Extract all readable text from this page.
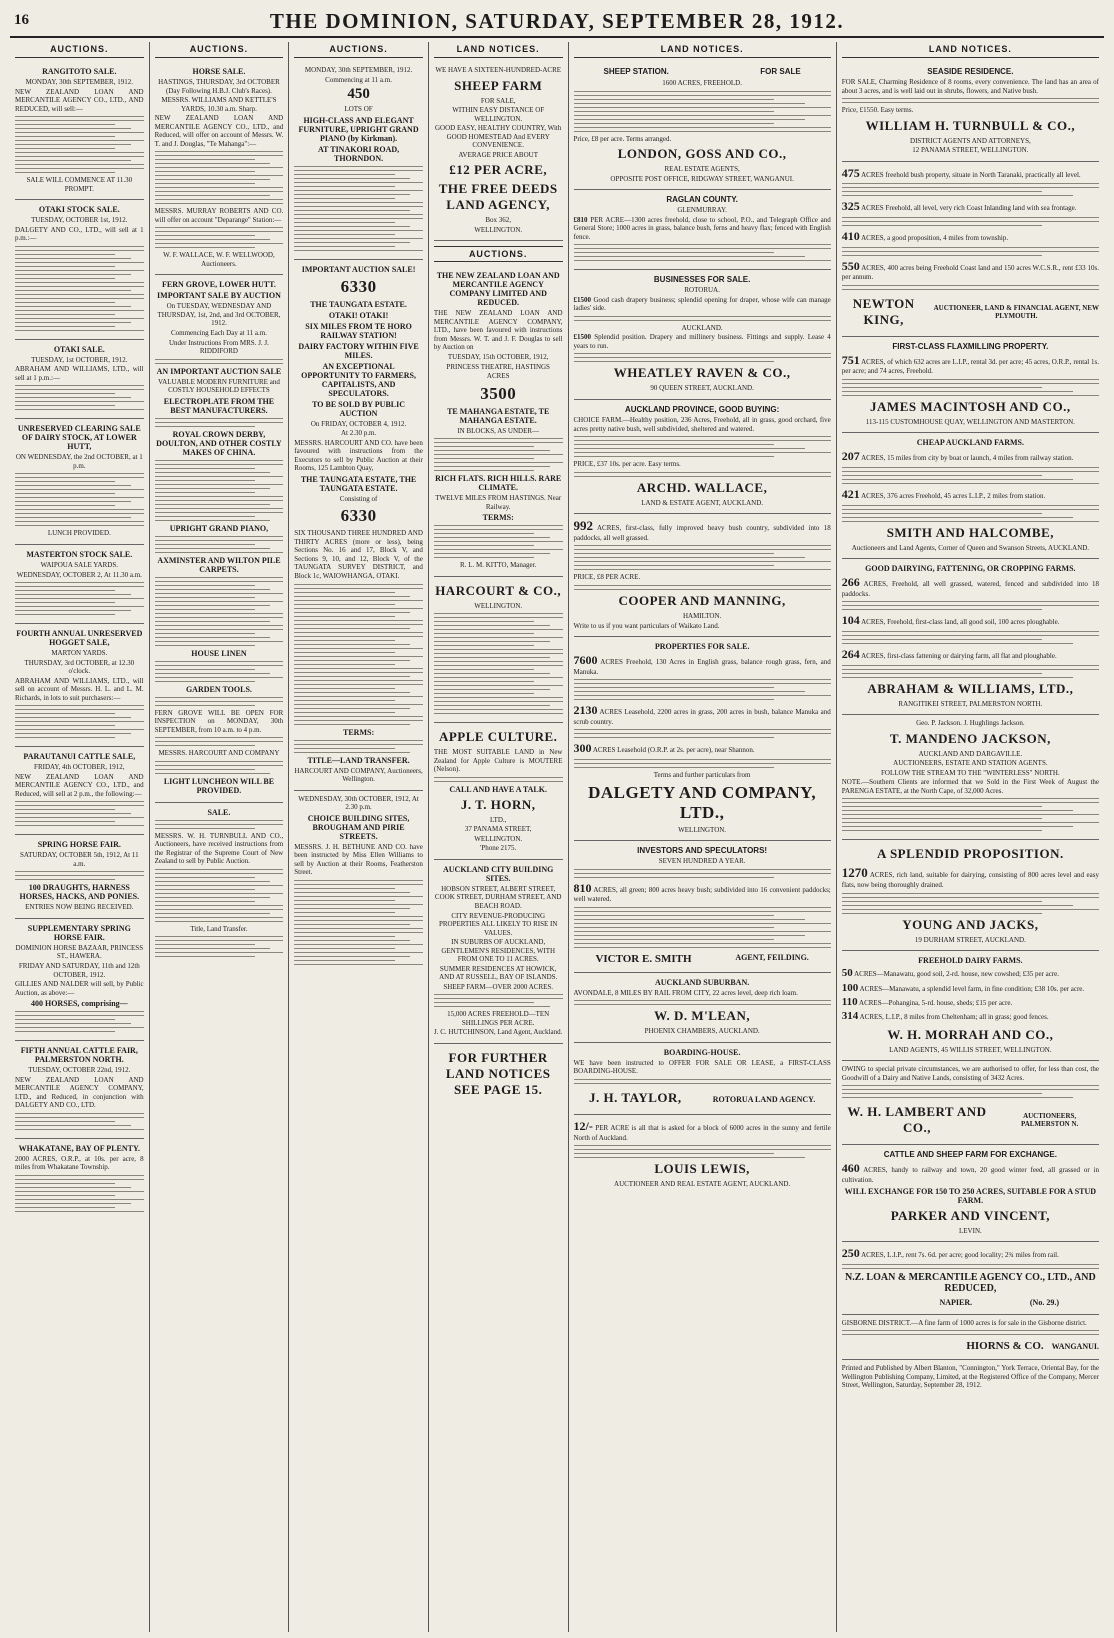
16	THE DOMINION, SATURDAY, SEPTEMBER 28, 1912.
AUCTIONS.
RANGITOTO SALE.

MONDAY, 30th SEPTEMBER, 1912.

NEW ZEALAND LOAN AND MERCANTILE AGENCY CO., LTD., AND REDUCED, will sell:—

SALE WILL COMMENCE AT 11.30 PROMPT.

OTAKI STOCK SALE.

TUESDAY, OCTOBER 1st, 1912.

DALGETY AND CO., LTD., will sell at 1 p.m.:—

OTAKI SALE.

TUESDAY, 1st OCTOBER, 1912.

ABRAHAM AND WILLIAMS, LTD., will sell at 1 p.m.:—

UNRESERVED CLEARING SALE OF DAIRY STOCK, AT LOWER HUTT,

ON WEDNESDAY, the 2nd OCTOBER, at 1 p.m.

LUNCH PROVIDED.

MASTERTON STOCK SALE.

WAIPOUA SALE YARDS.

WEDNESDAY, OCTOBER 2, At 11.30 a.m.

FOURTH ANNUAL UNRESERVED HOGGET SALE,

MARTON YARDS.

THURSDAY, 3rd OCTOBER, at 12.30 o'clock.

ABRAHAM AND WILLIAMS, LTD., will sell on account of Messrs. H. L. and L. M. Richards, in lots to suit purchasers:—

PARAUTANUI CATTLE SALE,

FRIDAY, 4th OCTOBER, 1912,

NEW ZEALAND LOAN AND MERCANTILE AGENCY CO., LTD., and Reduced, will sell at 2 p.m., the following:—

SPRING HORSE FAIR.

SATURDAY, OCTOBER 5th, 1912, At 11 a.m.

100 DRAUGHTS, HARNESS HORSES, HACKS, AND PONIES.

ENTRIES NOW BEING RECEIVED.

SUPPLEMENTARY SPRING HORSE FAIR.

DOMINION HORSE BAZAAR, PRINCESS ST., HAWERA.

FRIDAY AND SATURDAY, 11th and 12th OCTOBER, 1912.

GILLIES AND NALDER will sell, by Public Auction, as above:—

400 HORSES, comprising—
FIFTH ANNUAL CATTLE FAIR, PALMERSTON NORTH.

TUESDAY, OCTOBER 22nd, 1912.

NEW ZEALAND LOAN AND MERCANTILE AGENCY COMPANY, LTD., and Reduced, in conjunction with DALGETY AND CO., LTD.

WHAKATANE, BAY OF PLENTY.

2000 ACRES, O.R.P., at 10s. per acre, 8 miles from Whakatane Township.

AUCTIONS.
HORSE SALE.

HASTINGS, THURSDAY, 3rd OCTOBER (Day Following H.B.J. Club's Races).

MESSRS. WILLIAMS AND KETTLE'S YARDS, 10.30 a.m. Sharp.

NEW ZEALAND LOAN AND MERCANTILE AGENCY CO., LTD., and Reduced, will offer on account of Messrs. W. T. and J. Douglas, "Te Mahanga":—

MESSRS. MURRAY ROBERTS AND CO. will offer on account "Deparange" Station:—

W. F. WALLACE, W. F. WELLWOOD, Auctioneers.

FERN GROVE, LOWER HUTT.
IMPORTANT SALE BY AUCTION

On TUESDAY, WEDNESDAY AND THURSDAY, 1st, 2nd, and 3rd OCTOBER, 1912.

Commencing Each Day at 11 a.m.

Under Instructions From MRS. J. J. RIDDIFORD

AN IMPORTANT AUCTION SALE

VALUABLE MODERN FURNITURE and COSTLY HOUSEHOLD EFFECTS

ELECTROPLATE FROM THE BEST MANUFACTURERS.
ROYAL CROWN DERBY, DOULTON, AND OTHER COSTLY MAKES OF CHINA.
UPRIGHT GRAND PIANO,
AXMINSTER AND WILTON PILE CARPETS.
HOUSE LINEN
GARDEN TOOLS.

FERN GROVE WILL BE OPEN FOR INSPECTION on MONDAY, 30th SEPTEMBER, from 10 a.m. to 4 p.m.

MESSRS. HARCOURT AND COMPANY

LIGHT LUNCHEON WILL BE PROVIDED.
SALE.

MESSRS. W. H. TURNBULL AND CO., Auctioneers, have received instructions from the Registrar of the Supreme Court of New Zealand to sell by Public Auction.

Title, Land Transfer.

AUCTIONS.

MONDAY, 30th SEPTEMBER, 1912.

Commencing at 11 a.m.

450

LOTS OF

HIGH-CLASS AND ELEGANT FURNITURE, UPRIGHT GRAND PIANO (by Kirkman).
AT TINAKORI ROAD, THORNDON.
IMPORTANT AUCTION SALE!
6330
THE TAUNGATA ESTATE.
OTAKI! OTAKI!
SIX MILES FROM TE HORO RAILWAY STATION!
DAIRY FACTORY WITHIN FIVE MILES.
AN EXCEPTIONAL OPPORTUNITY TO FARMERS, CAPITALISTS, AND SPECULATORS.
TO BE SOLD BY PUBLIC AUCTION

On FRIDAY, OCTOBER 4, 1912.

At 2.30 p.m.

MESSRS. HARCOURT AND CO. have been favoured with instructions from the Executors to sell by Public Auction at their Rooms, 125 Lambton Quay,

THE TAUNGATA ESTATE, THE TAUNGATA ESTATE.

Consisting of

6330

SIX THOUSAND THREE HUNDRED AND THIRTY ACRES (more or less), being Sections No. 16 and 17, Block V, and Sections 9, 10, and 12, Block V, of the TAUNGATA SURVEY DISTRICT, and Block 1c, WAIOWHANGA, OTAKI.

TERMS:
TITLE—LAND TRANSFER.

HARCOURT AND COMPANY, Auctioneers, Wellington.

WEDNESDAY, 30th OCTOBER, 1912, At 2.30 p.m.

CHOICE BUILDING SITES, BROUGHAM AND PIRIE STREETS.

MESSRS. J. H. BETHUNE AND CO. have been instructed by Miss Ellen Williams to sell by Auction at their Rooms, Featherston Street.

LAND NOTICES.

WE HAVE A SIXTEEN-HUNDRED-ACRE

SHEEP FARM

FOR SALE,

WITHIN EASY DISTANCE OF WELLINGTON.

GOOD EASY, HEALTHY COUNTRY, With GOOD HOMESTEAD And EVERY CONVENIENCE.

AVERAGE PRICE ABOUT

£12 PER ACRE,
THE FREE DEEDS LAND AGENCY,

Box 362,

WELLINGTON.

AUCTIONS.
THE NEW ZEALAND LOAN AND MERCANTILE AGENCY COMPANY LIMITED AND REDUCED.

THE NEW ZEALAND LOAN AND MERCANTILE AGENCY COMPANY, LTD., have been favoured with instructions from Messrs. W. T. and J. F. Douglas to sell by Auction on

TUESDAY, 15th OCTOBER, 1912,

PRINCESS THEATRE, HASTINGS

ACRES

3500
TE MAHANGA ESTATE, TE MAHANGA ESTATE.

IN BLOCKS, AS UNDER—

RICH FLATS. RICH HILLS. RARE CLIMATE.

TWELVE MILES FROM HASTINGS. Near Railway.

TERMS:

R. L. M. KITTO, Manager.

HARCOURT & CO.,

WELLINGTON.

APPLE CULTURE.

THE MOST SUITABLE LAND in New Zealand for Apple Culture is MOUTERE (Nelson).

CALL AND HAVE A TALK.
J. T. HORN,

LTD.,

37 PANAMA STREET,

WELLINGTON.

'Phone 2175.

AUCKLAND CITY BUILDING SITES.

HOBSON STREET, ALBERT STREET, COOK STREET, DURHAM STREET, AND BEACH ROAD.

CITY REVENUE-PRODUCING PROPERTIES ALL LIKELY TO RISE IN VALUES.

IN SUBURBS OF AUCKLAND, GENTLEMEN'S RESIDENCES, WITH FROM ONE TO 11 ACRES.

SUMMER RESIDENCES AT HOWICK, AND AT RUSSELL, BAY OF ISLANDS.

SHEEP FARM—OVER 2000 ACRES.

15,000 ACRES FREEHOLD—TEN SHILLINGS PER ACRE.

J. C. HUTCHINSON, Land Agent, Auckland.

FOR FURTHER LAND NOTICES SEE PAGE 15.
LAND NOTICES.
SHEEP STATION.	FOR SALE

1600 ACRES, FREEHOLD.

Price, £8 per acre. Terms arranged.

LONDON, GOSS AND CO.,

REAL ESTATE AGENTS,

OPPOSITE POST OFFICE, RIDGWAY STREET, WANGANUI.

RAGLAN COUNTY.

GLENMURRAY.

£810 PER ACRE—1300 acres freehold, close to school, P.O., and Telegraph Office and General Store; 1000 acres in grass, balance bush, ferns and heavy flax; fenced with English fence.

BUSINESSES FOR SALE.

ROTORUA.

£1500 Good cash drapery business; splendid opening for draper, whose wife can manage ladies' side.

AUCKLAND.

£1500 Splendid position. Drapery and millinery business. Fittings and supply. Lease 4 years to run.

WHEATLEY RAVEN & CO.,

90 QUEEN STREET, AUCKLAND.

AUCKLAND PROVINCE, GOOD BUYING:

CHOICE FARM.—Healthy position, 236 Acres, Freehold, all in grass, good orchard, five acres pretty native bush, well subdivided, sheltered and watered.

PRICE, £37 10s. per acre. Easy terms.

ARCHD. WALLACE,

LAND & ESTATE AGENT, AUCKLAND.

992 ACRES, first-class, fully improved heavy bush country, subdivided into 18 paddocks, all well grassed.

PRICE, £8 PER ACRE.

COOPER AND MANNING,

HAMILTON.

Write to us if you want particulars of Waikato Land.

PROPERTIES FOR SALE.

7600 ACRES Freehold, 130 Acres in English grass, balance rough grass, fern, and Manuka.

2130 ACRES Leasehold, 2200 acres in grass, 200 acres in bush, balance Manuka and scrub country.

300 ACRES Leasehold (O.R.P. at 2s. per acre), near Shannon.

Terms and further particulars from

DALGETY AND COMPANY, LTD.,

WELLINGTON.

INVESTORS AND SPECULATORS!

SEVEN HUNDRED A YEAR.

810 ACRES, all green; 800 acres heavy bush; subdivided into 16 convenient paddocks; well watered.

VICTOR E. SMITH	AGENT, FEILDING.
AUCKLAND SUBURBAN.

AVONDALE, 8 MILES BY RAIL FROM CITY, 22 acres level, deep rich loam.

W. D. M'LEAN,

PHOENIX CHAMBERS, AUCKLAND.

BOARDING-HOUSE.

WE have been instructed to OFFER FOR SALE OR LEASE, a FIRST-CLASS BOARDING-HOUSE.

J. H. TAYLOR,	ROTORUA LAND AGENCY.

12/- PER ACRE is all that is asked for a block of 6000 acres in the sunny and fertile North of Auckland.

LOUIS LEWIS,

AUCTIONEER AND REAL ESTATE AGENT, AUCKLAND.

LAND NOTICES.
SEASIDE RESIDENCE.

FOR SALE, Charming Residence of 8 rooms, every convenience. The land has an area of about 3 acres, and is well laid out in shrubs, flowers, and Native bush.

Price, £1550. Easy terms.

WILLIAM H. TURNBULL & CO.,

DISTRICT AGENTS AND ATTORNEYS,

12 PANAMA STREET, WELLINGTON.

475 ACRES freehold bush property, situate in North Taranaki, practically all level.

325 ACRES Freehold, all level, very rich Coast Inlanding land with sea frontage.

410 ACRES, a good proposition, 4 miles from township.

550 ACRES, 400 acres being Freehold Coast land and 150 acres W.C.S.R., rent £33 10s. per annum.

NEWTON KING,
AUCTIONEER, LAND & FINANCIAL AGENT, NEW PLYMOUTH.
FIRST-CLASS FLAXMILLING PROPERTY.

751 ACRES, of which 632 acres are L.I.P., rental 3d. per acre; 45 acres, O.R.P., rental 1s. per acre; and 74 acres, Freehold.

JAMES MACINTOSH AND CO.,

113-115 CUSTOMHOUSE QUAY, WELLINGTON AND MASTERTON.

CHEAP AUCKLAND FARMS.

207 ACRES, 15 miles from city by boat or launch, 4 miles from railway station.

421 ACRES, 376 acres Freehold, 45 acres L.I.P., 2 miles from station.

SMITH AND HALCOMBE,

Auctioneers and Land Agents, Corner of Queen and Swanson Streets, AUCKLAND.

GOOD DAIRYING, FATTENING, OR CROPPING FARMS.

266 ACRES, Freehold, all well grassed, watered, fenced and subdivided into 18 paddocks.

104 ACRES, Freehold, first-class land, all good soil, 100 acres ploughable.

264 ACRES, first-class fattening or dairying farm, all flat and ploughable.

ABRAHAM & WILLIAMS, LTD.,

RANGITIKEI STREET, PALMERSTON NORTH.

Geo. P. Jackson. J. Hughlings Jackson.

T. MANDENO JACKSON,

AUCKLAND AND DARGAVILLE.

AUCTIONEERS, ESTATE AND STATION AGENTS.

FOLLOW THE STREAM TO THE "WINTERLESS" NORTH.

NOTE.—Southern Clients are informed that we Sold in the First Week of August the PARENGA ESTATE, at the North Cape, of 32,000 Acres.

A SPLENDID PROPOSITION.

1270 ACRES, rich land, suitable for dairying, consisting of 800 acres level and easy flats, now being thoroughly drained.

YOUNG AND JACKS,

19 DURHAM STREET, AUCKLAND.

FREEHOLD DAIRY FARMS.

50 ACRES—Manawatu, good soil, 2-rd. house, new cowshed; £35 per acre.

100 ACRES—Manawatu, a splendid level farm, in fine condition; £38 10s. per acre.

110 ACRES—Pohangina, 5-rd. house, sheds; £15 per acre.

314 ACRES, L.I.P., 8 miles from Cheltenham; all in grass; good fences.

W. H. MORRAH AND CO.,

LAND AGENTS, 45 WILLIS STREET, WELLINGTON.

OWING to special private circumstances, we are authorised to offer, for less than cost, the Goodwill of a Dairy and Native Lands, consisting of 3432 Acres.

W. H. LAMBERT AND CO.,
AUCTIONEERS, PALMERSTON N.
CATTLE AND SHEEP FARM FOR EXCHANGE.

460 ACRES, handy to railway and town, 20 good winter feed, all grassed or in cultivation.

WILL EXCHANGE FOR 150 TO 250 ACRES, SUITABLE FOR A STUD FARM.
PARKER AND VINCENT,

LEVIN.

250 ACRES, L.I.P., rent 7s. 6d. per acre; good locality; 2¾ miles from rail.

N.Z. LOAN & MERCANTILE AGENCY CO., LTD., AND REDUCED,
NAPIER.	(No. 29.)

GISBORNE DISTRICT.—A fine farm of 1000 acres is for sale in the Gisborne district.

HIORNS & CO. WANGANUI.

Printed and Published by Albert Blanton, "Connington," York Terrace, Oriental Bay, for the Wellington Publishing Company, Limited, at the Registered Office of the Company, Mercer Street, Wellington, Saturday, September 28, 1912.
